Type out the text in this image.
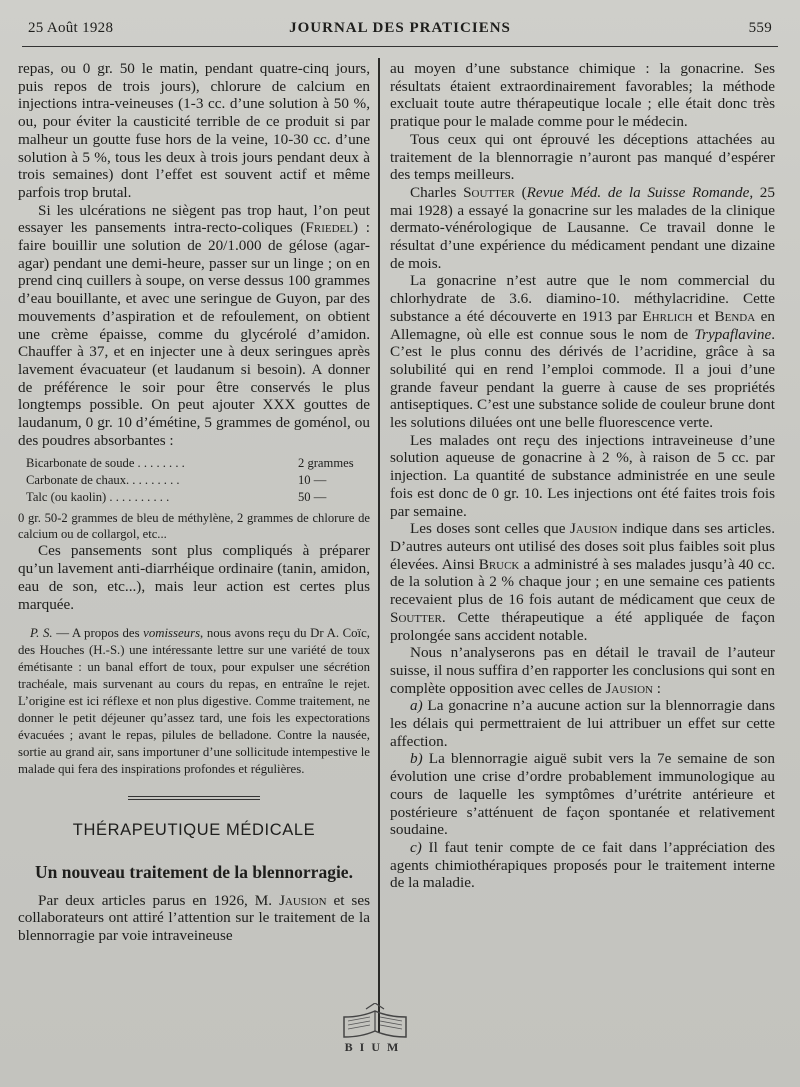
25 Août 1928	JOURNAL DES PRATICIENS	559

repas, ou 0 gr. 50 le matin, pendant quatre-cinq jours, puis repos de trois jours), chlorure de calcium en injections intra-veineuses (1-3 cc. d’une solution à 50 %, ou, pour éviter la causticité terrible de ce produit si par malheur un goutte fuse hors de la veine, 10-30 cc. d’une solution à 5 %, tous les deux à trois jours pendant deux à trois semaines) dont l’effet est souvent actif et même parfois trop brutal.

Si les ulcérations ne siègent pas trop haut, l’on peut essayer les pansements intra-recto-coliques (Friedel) : faire bouillir une solution de 20/1.000 de gélose (agar-agar) pendant une demi-heure, passer sur un linge ; on en prend cinq cuillers à soupe, on verse dessus 100 grammes d’eau bouillante, et avec une seringue de Guyon, par des mouvements d’aspiration et de refoulement, on obtient une crème épaisse, comme du glycérolé d’amidon. Chauffer à 37, et en injecter une à deux seringues après lavement évacuateur (et laudanum si besoin). A donner de préférence le soir pour être conservés le plus longtemps possible. On peut ajouter XXX gouttes de laudanum, 0 gr. 10 d’émétine, 5 grammes de goménol, ou des poudres absorbantes :

Bicarbonate de soude . . . . . . . .	2 grammes
Carbonate de chaux. . . . . . . . .	10 —
Talc (ou kaolin) . . . . . . . . . .	50 —

0 gr. 50-2 grammes de bleu de méthylène, 2 grammes de chlorure de calcium ou de collargol, etc...

Ces pansements sont plus compliqués à préparer qu’un lavement anti-diarrhéique ordinaire (tanin, amidon, eau de son, etc...), mais leur action est certes plus marquée.

P. S. — A propos des vomisseurs, nous avons reçu du Dr A. Coïc, des Houches (H.-S.) une intéressante lettre sur une variété de toux émétisante : un banal effort de toux, pour expulser une sécrétion trachéale, mais survenant au cours du repas, en entraîne le rejet. L’origine est ici réflexe et non plus digestive. Comme traitement, ne donner le petit déjeuner qu’assez tard, une fois les expectorations évacuées ; avant le repas, pilules de belladone. Contre la nausée, sortie au grand air, sans importuner d’une sollicitude intempestive le malade qui fera des inspirations profondes et régulières.

THÉRAPEUTIQUE MÉDICALE
Un nouveau traitement de la blennorragie.

Par deux articles parus en 1926, M. Jausion et ses collaborateurs ont attiré l’attention sur le traitement de la blennorragie par voie intraveineuse

au moyen d’une substance chimique : la gonacrine. Ses résultats étaient extraordinairement favorables; la méthode excluait toute autre thérapeutique locale ; elle était donc très pratique pour le malade comme pour le médecin.

Tous ceux qui ont éprouvé les déceptions attachées au traitement de la blennorragie n’auront pas manqué d’espérer des temps meilleurs.

Charles Soutter (Revue Méd. de la Suisse Romande, 25 mai 1928) a essayé la gonacrine sur les malades de la clinique dermato-vénérologique de Lausanne. Ce travail donne le résultat d’une expérience du médicament pendant une dizaine de mois.

La gonacrine n’est autre que le nom commercial du chlorhydrate de 3.6. diamino-10. méthylacridine. Cette substance a été découverte en 1913 par Ehrlich et Benda en Allemagne, où elle est connue sous le nom de Trypaflavine. C’est le plus connu des dérivés de l’acridine, grâce à sa solubilité qui en rend l’emploi commode. Il a joui d’une grande faveur pendant la guerre à cause de ses propriétés antiseptiques. C’est une substance solide de couleur brune dont les solutions diluées ont une belle fluorescence verte.

Les malades ont reçu des injections intraveineuse d’une solution aqueuse de gonacrine à 2 %, à raison de 5 cc. par injection. La quantité de substance administrée en une seule fois est donc de 0 gr. 10. Les injections ont été faites trois fois par semaine.

Les doses sont celles que Jausion indique dans ses articles. D’autres auteurs ont utilisé des doses soit plus faibles soit plus élevées. Ainsi Bruck a administré à ses malades jusqu’à 40 cc. de la solution à 2 % chaque jour ; en une semaine ces patients recevaient plus de 16 fois autant de médicament que ceux de Soutter. Cette thérapeutique a été appliquée de façon prolongée sans accident notable.

Nous n’analyserons pas en détail le travail de l’auteur suisse, il nous suffira d’en rapporter les conclusions qui sont en complète opposition avec celles de Jausion :

a) La gonacrine n’a aucune action sur la blennorragie dans les délais qui permettraient de lui attribuer un effet sur cette affection.

b) La blennorragie aiguë subit vers la 7e semaine de son évolution une crise d’ordre probablement immunologique au cours de laquelle les symptômes d’urétrite antérieure et postérieure s’atténuent de façon spontanée et relativement soudaine.

c) Il faut tenir compte de ce fait dans l’appréciation des agents chimiothérapiques proposés pour le traitement interne de la maladie.

BIUM
